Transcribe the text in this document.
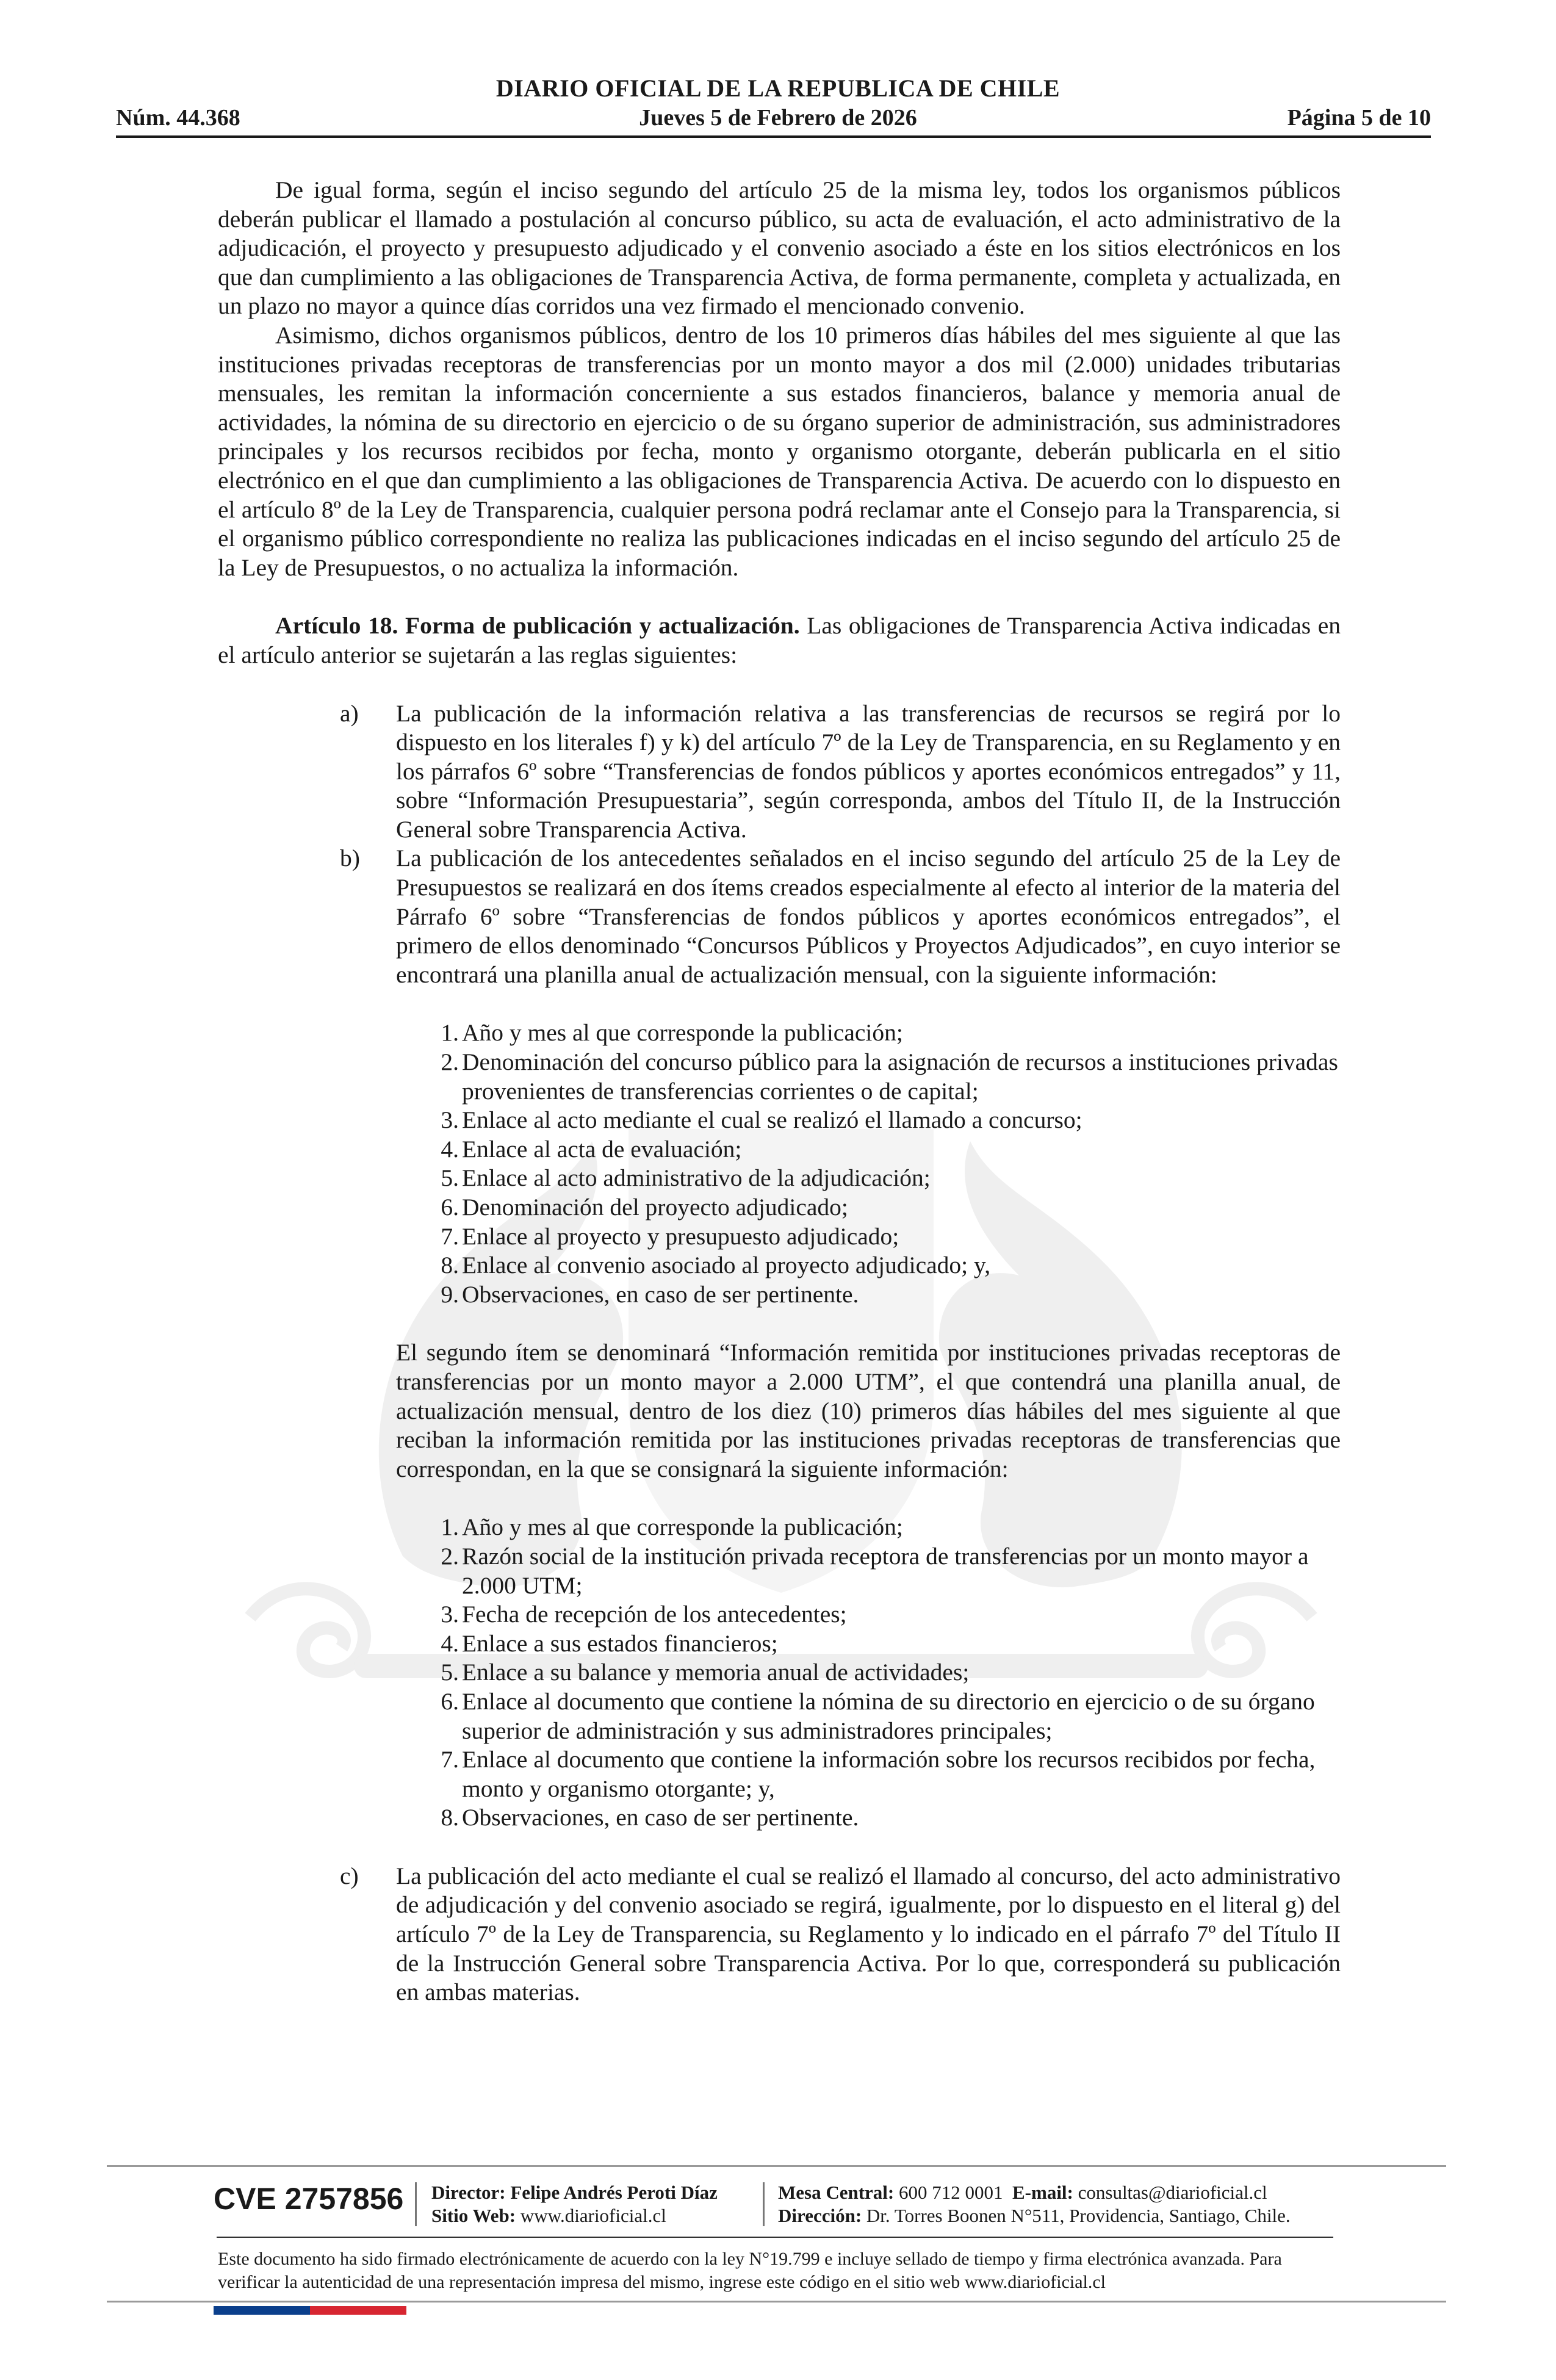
DIARIO OFICIAL DE LA REPUBLICA DE CHILE
Núm. 44.368	Jueves 5 de Febrero de 2026	Página 5 de 10

De igual forma, según el inciso segundo del artículo 25 de la misma ley, todos los organismos públicos deberán publicar el llamado a postulación al concurso público, su acta de evaluación, el acto administrativo de la adjudicación, el proyecto y presupuesto adjudicado y el convenio asociado a éste en los sitios electrónicos en los que dan cumplimiento a las obligaciones de Transparencia Activa, de forma permanente, completa y actualizada, en un plazo no mayor a quince días corridos una vez firmado el mencionado convenio.

Asimismo, dichos organismos públicos, dentro de los 10 primeros días hábiles del mes siguiente al que las instituciones privadas receptoras de transferencias por un monto mayor a dos mil (2.000) unidades tributarias mensuales, les remitan la información concerniente a sus estados financieros, balance y memoria anual de actividades, la nómina de su directorio en ejercicio o de su órgano superior de administración, sus administradores principales y los recursos recibidos por fecha, monto y organismo otorgante, deberán publicarla en el sitio electrónico en el que dan cumplimiento a las obligaciones de Transparencia Activa. De acuerdo con lo dispuesto en el artículo 8º de la Ley de Transparencia, cualquier persona podrá reclamar ante el Consejo para la Transparencia, si el organismo público correspondiente no realiza las publicaciones indicadas en el inciso segundo del artículo 25 de la Ley de Presupuestos, o no actualiza la información.

Artículo 18. Forma de publicación y actualización. Las obligaciones de Transparencia Activa indicadas en el artículo anterior se sujetarán a las reglas siguientes:

a) La publicación de la información relativa a las transferencias de recursos se regirá por lo dispuesto en los literales f) y k) del artículo 7º de la Ley de Transparencia, en su Reglamento y en los párrafos 6º sobre “Transferencias de fondos públicos y aportes económicos entregados” y 11, sobre “Información Presupuestaria”, según corresponda, ambos del Título II, de la Instrucción General sobre Transparencia Activa.
b) La publicación de los antecedentes señalados en el inciso segundo del artículo 25 de la Ley de Presupuestos se realizará en dos ítems creados especialmente al efecto al interior de la materia del Párrafo 6º sobre “Transferencias de fondos públicos y aportes económicos entregados”, el primero de ellos denominado “Concursos Públicos y Proyectos Adjudicados”, en cuyo interior se encontrará una planilla anual de actualización mensual, con la siguiente información:
1. Año y mes al que corresponde la publicación;
2. Denominación del concurso público para la asignación de recursos a instituciones privadas provenientes de transferencias corrientes o de capital;
3. Enlace al acto mediante el cual se realizó el llamado a concurso;
4. Enlace al acta de evaluación;
5. Enlace al acto administrativo de la adjudicación;
6. Denominación del proyecto adjudicado;
7. Enlace al proyecto y presupuesto adjudicado;
8. Enlace al convenio asociado al proyecto adjudicado; y,
9. Observaciones, en caso de ser pertinente.

El segundo ítem se denominará “Información remitida por instituciones privadas receptoras de transferencias por un monto mayor a 2.000 UTM”, el que contendrá una planilla anual, de actualización mensual, dentro de los diez (10) primeros días hábiles del mes siguiente al que reciban la información remitida por las instituciones privadas receptoras de transferencias que correspondan, en la que se consignará la siguiente información:

1. Año y mes al que corresponde la publicación;
2. Razón social de la institución privada receptora de transferencias por un monto mayor a 2.000 UTM;
3. Fecha de recepción de los antecedentes;
4. Enlace a sus estados financieros;
5. Enlace a su balance y memoria anual de actividades;
6. Enlace al documento que contiene la nómina de su directorio en ejercicio o de su órgano superior de administración y sus administradores principales;
7. Enlace al documento que contiene la información sobre los recursos recibidos por fecha, monto y organismo otorgante; y,
8. Observaciones, en caso de ser pertinente.
c) La publicación del acto mediante el cual se realizó el llamado al concurso, del acto administrativo de adjudicación y del convenio asociado se regirá, igualmente, por lo dispuesto en el literal g) del artículo 7º de la Ley de Transparencia, su Reglamento y lo indicado en el párrafo 7º del Título II de la Instrucción General sobre Transparencia Activa. Por lo que, corresponderá su publicación en ambas materias.
CVE 2757856 Director: Felipe Andrés Peroti Díaz
Sitio Web: www.diarioficial.cl
Mesa Central: 600 712 0001 E-mail: consultas@diarioficial.cl
Dirección: Dr. Torres Boonen N°511, Providencia, Santiago, Chile.
Este documento ha sido firmado electrónicamente de acuerdo con la ley N°19.799 e incluye sellado de tiempo y firma electrónica avanzada. Para verificar la autenticidad de una representación impresa del mismo, ingrese este código en el sitio web www.diarioficial.cl
